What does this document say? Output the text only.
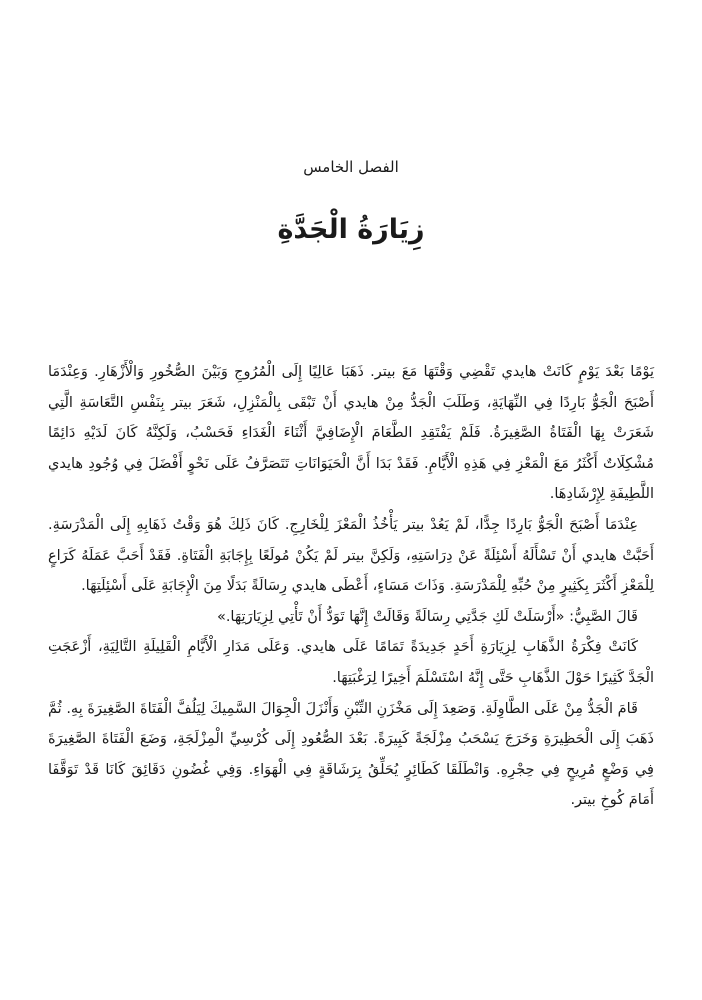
الفصل الخامس
زِيَارَةُ الْجَدَّةِ

يَوْمًا بَعْدَ يَوْمٍ كَانَتْ هايدي تَقْضِي وَقْتَهَا مَعَ بيتر. ذَهَبَا عَالِيًا إِلَى الْمُرُوجِ وَبَيْنَ الصُّخُورِ وَالْأَزْهَارِ. وَعِنْدَمَا أَصْبَحَ الْجَوُّ بَارِدًا فِي النِّهَايَةِ، وَطَلَبَ الْجَدُّ مِنْ هايدي أَنْ تَبْقَى بِالْمَنْزِلِ، شَعَرَ بيتر بِنَفْسِ التَّعَاسَةِ الَّتِي شَعَرَتْ بِهَا الْفَتَاةُ الصَّغِيرَةُ. فَلَمْ يَفْتَقِدِ الطَّعَامَ الْإِضَافِيَّ أَثْنَاءَ الْغَدَاءِ فَحَسْبُ، وَلَكِنَّهُ كَانَ لَدَيْهِ دَائِمًا مُشْكِلَاتٌ أَكْثَرُ مَعَ الْمَعْزِ فِي هَذِهِ الْأَيَّامِ. فَقَدْ بَدَا أَنَّ الْحَيَوَانَاتِ تَتَصَرَّفُ عَلَى نَحْوٍ أَفْضَلَ فِي وُجُودِ هايدي اللَّطِيفَةِ لِإِرْشَادِهَا.

عِنْدَمَا أَصْبَحَ الْجَوُّ بَارِدًا جِدًّا، لَمْ يَعُدْ بيتر يَأْخُذُ الْمَعْزَ لِلْخَارِجِ. كَانَ ذَلِكَ هُوَ وَقْتُ ذَهَابِهِ إِلَى الْمَدْرَسَةِ. أَحَبَّتْ هايدي أَنْ تَسْأَلَهُ أَسْئِلَةً عَنْ دِرَاسَتِهِ، وَلَكِنَّ بيتر لَمْ يَكُنْ مُولَعًا بِإِجَابَةِ الْفَتَاةِ. فَقَدْ أَحَبَّ عَمَلَهُ كَرَاعٍ لِلْمَعْزِ أَكْثَرَ بِكَثِيرٍ مِنْ حُبِّهِ لِلْمَدْرَسَةِ. وَذَاتَ مَسَاءٍ، أَعْطَى هايدي رِسَالَةً بَدَلًا مِنَ الْإِجَابَةِ عَلَى أَسْئِلَتِهَا.

قَالَ الصَّبِيُّ: «أَرْسَلَتْ لَكِ جَدَّتِي رِسَالَةً وَقَالَتْ إِنَّهَا تَوَدُّ أَنْ تَأْتِي لِزِيَارَتِهَا.»

كَانَتْ فِكْرَةُ الذَّهَابِ لِزِيَارَةِ أَحَدٍ جَدِيدَةً تَمَامًا عَلَى هايدي. وَعَلَى مَدَارِ الْأَيَّامِ الْقَلِيلَةِ التَّالِيَةِ، أَزْعَجَتِ الْجَدَّ كَثِيرًا حَوْلَ الذَّهَابِ حَتَّى إِنَّهُ اسْتَسْلَمَ أَخِيرًا لِرَغْبَتِهَا.

قَامَ الْجَدُّ مِنْ عَلَى الطَّاوِلَةِ. وَصَعِدَ إِلَى مَخْزَنِ التِّبْنِ وَأَنْزَلَ الْجِوَالَ السَّمِيكَ لِيَلُفَّ الْفَتَاةَ الصَّغِيرَةَ بِهِ. ثُمَّ ذَهَبَ إِلَى الْحَظِيرَةِ وَخَرَجَ يَسْحَبُ مِزْلَجَةً كَبِيرَةً. بَعْدَ الصُّعُودِ إِلَى كُرْسِيِّ الْمِزْلَجَةِ، وَضَعَ الْفَتَاةَ الصَّغِيرَةَ فِي وَضْعٍ مُرِيحٍ فِي حِجْرِهِ. وَانْطَلَقَا كَطَائِرٍ يُحَلِّقُ بِرَشَاقَةٍ فِي الْهَوَاءِ. وَفِي غُضُونِ دَقَائِقَ كَانَا قَدْ تَوَقَّفَا أَمَامَ كُوخِ بيتر.
